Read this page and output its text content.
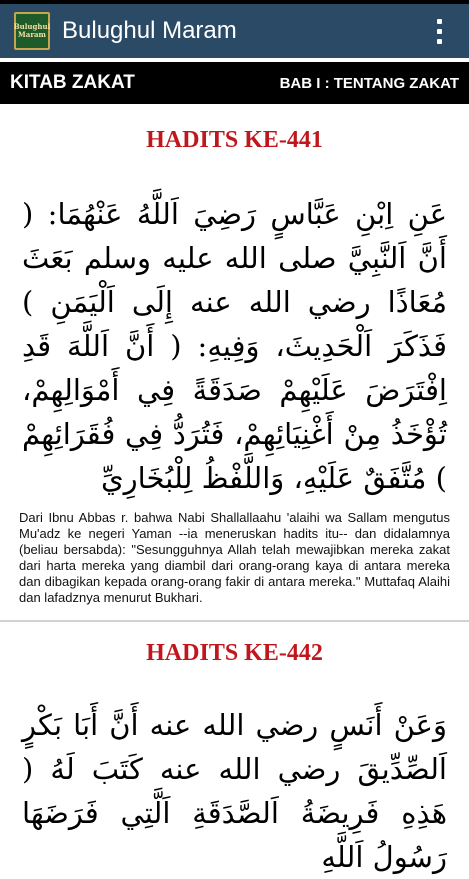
Bulughul
Maram Bulughul Maram
KITAB ZAKAT	BAB I : TENTANG ZAKAT
HADITS KE-441
عَنِ اِبْنِ عَبَّاسٍ رَضِيَ اَللَّهُ عَنْهُمَا: ( أَنَّ اَلنَّبِيَّ صلى الله عليه وسلم بَعَثَ مُعَاذًا رضي الله عنه إِلَى اَلْيَمَنِ ) فَذَكَرَ اَلْحَدِيثَ، وَفِيهِ: ( أَنَّ اَللَّهَ قَدِ اِفْتَرَضَ عَلَيْهِمْ صَدَقَةً فِي أَمْوَالِهِمْ، تُؤْخَذُ مِنْ أَغْنِيَائِهِمْ، فَتُرَدُّ فِي فُقَرَائِهِمْ ) مُتَّفَقٌ عَلَيْهِ، وَاللَّفْظُ لِلْبُخَارِيِّ
Dari Ibnu Abbas r. bahwa Nabi Shallallaahu 'alaihi wa Sallam mengutus Mu'adz ke negeri Yaman --ia meneruskan hadits itu-- dan didalamnya (beliau bersabda): "Sesungguhnya Allah telah mewajibkan mereka zakat dari harta mereka yang diambil dari orang-orang kaya di antara mereka dan dibagikan kepada orang-orang fakir di antara mereka." Muttafaq Alaihi dan lafadznya menurut Bukhari.
HADITS KE-442
وَعَنْ أَنَسٍ رضي الله عنه أَنَّ أَبَا بَكْرٍ اَلصِّدِّيقَ رضي الله عنه كَتَبَ لَهُ ( هَذِهِ فَرِيضَةُ اَلصَّدَقَةِ اَلَّتِي فَرَضَهَا رَسُولُ اَللَّهِ
